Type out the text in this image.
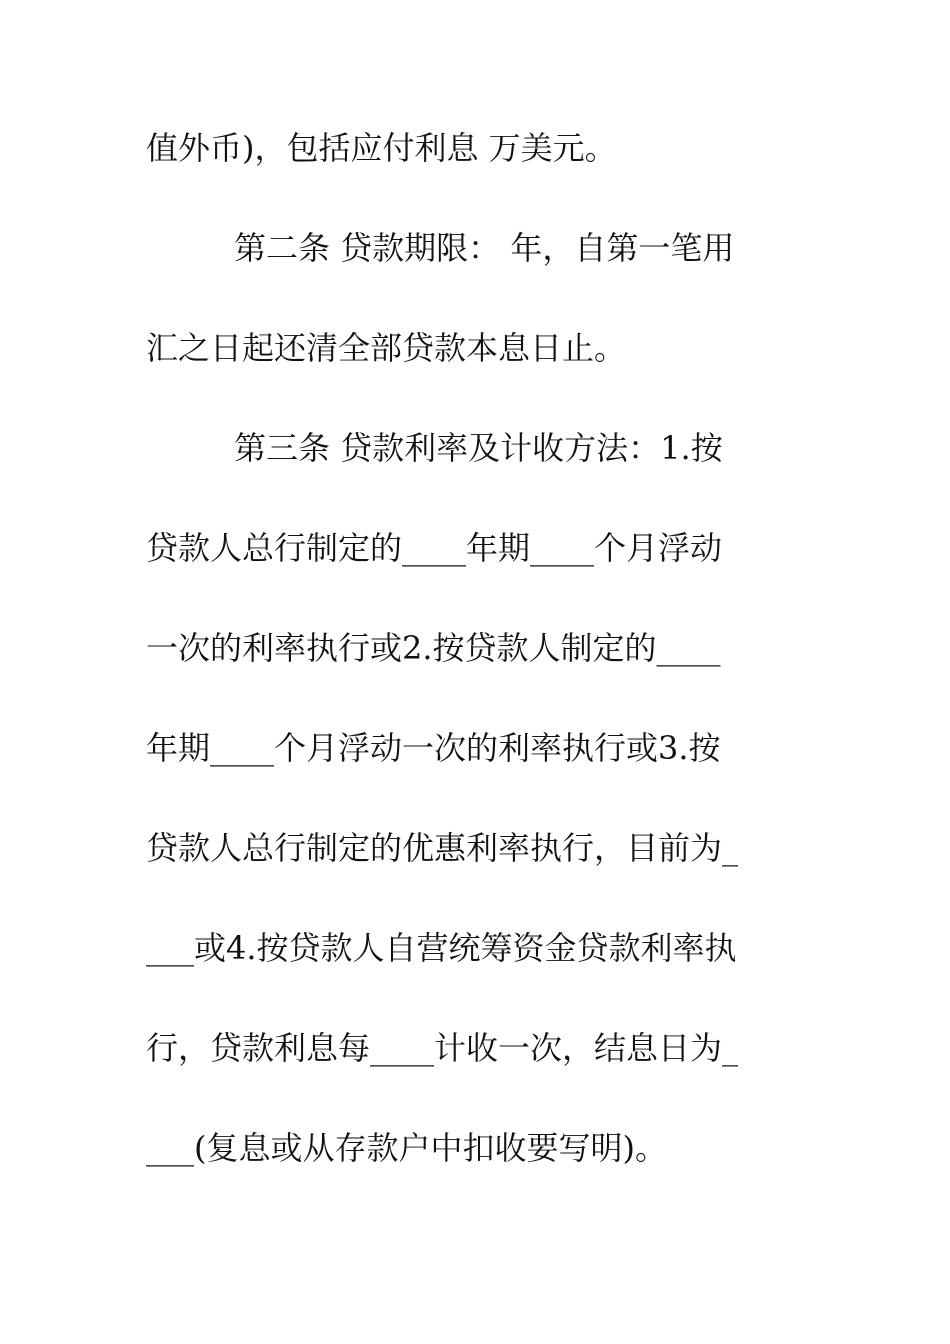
值外币)，包括应付利息 万美元。
第二条 贷款期限： 年，自第一笔用
汇之日起还清全部贷款本息日止。
第三条 贷款利率及计收方法：1.按
贷款人总行制定的____年期____个月浮动
一次的利率执行或2.按贷款人制定的____
年期____个月浮动一次的利率执行或3.按
贷款人总行制定的优惠利率执行，目前为_
___或4.按贷款人自营统筹资金贷款利率执
行，贷款利息每____计收一次，结息日为_
___(复息或从存款户中扣收要写明)。
